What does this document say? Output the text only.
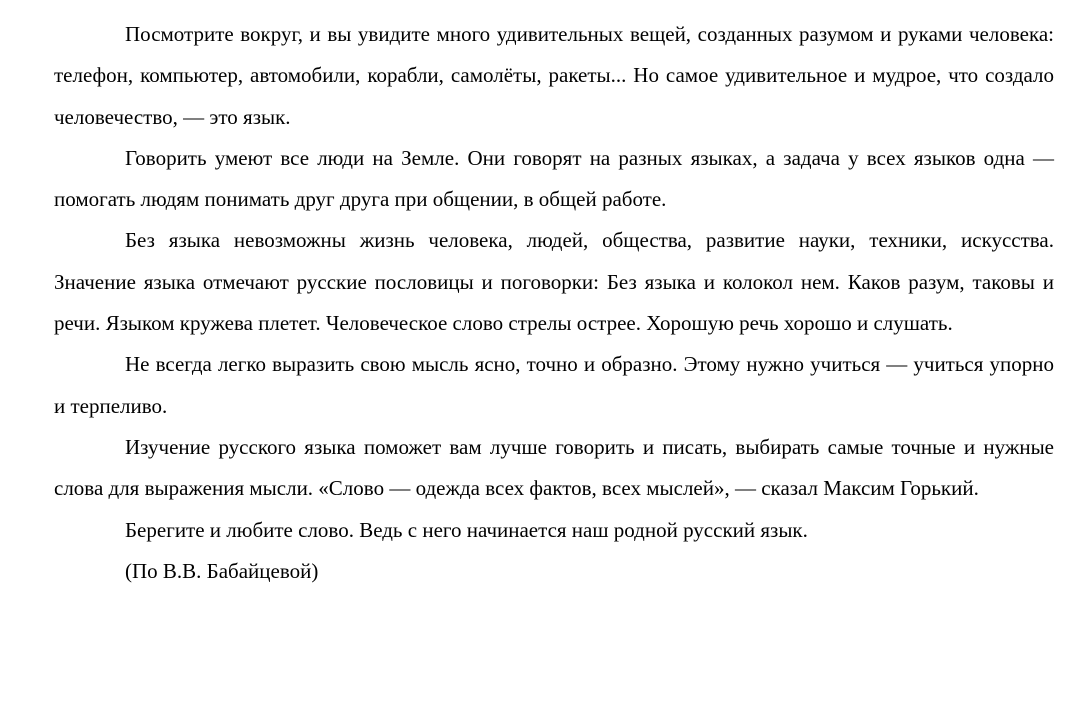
Посмотрите вокруг, и вы увидите много удивительных вещей, созданных разумом и руками человека: телефон, компьютер, автомобили, корабли, самолёты, ракеты... Но самое удивительное и мудрое, что создало человечество, — это язык.

Говорить умеют все люди на Земле. Они говорят на разных языках, а задача у всех языков одна — помогать людям понимать друг друга при общении, в общей работе.

Без языка невозможны жизнь человека, людей, общества, развитие науки, техники, искусства. Значение языка отмечают русские пословицы и поговорки: Без языка и колокол нем. Каков разум, таковы и речи. Языком кружева плетет. Человеческое слово стрелы острее. Хорошую речь хорошо и слушать.

Не всегда легко выразить свою мысль ясно, точно и образно. Этому нужно учиться — учиться упорно и терпеливо.

Изучение русского языка поможет вам лучше говорить и писать, выбирать самые точные и нужные слова для выражения мысли. «Слово — одежда всех фактов, всех мыслей», — сказал Максим Горький.

Берегите и любите слово. Ведь с него начинается наш родной русский язык.

(По В.В. Бабайцевой)
